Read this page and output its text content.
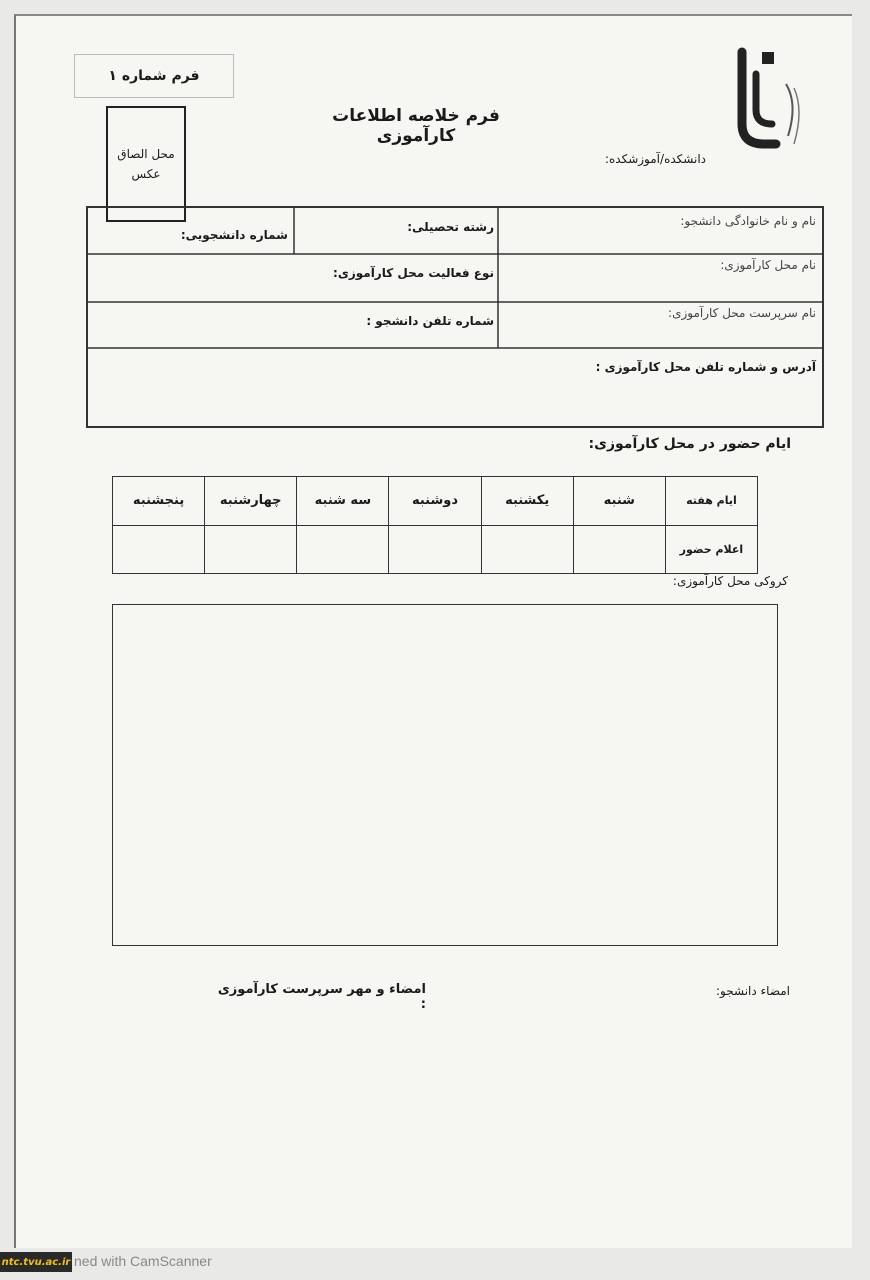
فرم شماره ۱
محل الصاق
عکس
فرم خلاصه اطلاعات کارآموزی
دانشکده/آموزشکده:
نام و نام خانوادگی دانشجو:
رشته تحصیلی:
شماره دانشجویی:
نام محل کارآموزی:
نوع فعالیت محل کارآموزی:
نام سرپرست محل کارآموزی:
شماره تلفن دانشجو :
آدرس و شماره تلفن محل کارآموزی :
ایام حضور در محل کارآموزی:
ایام هفته	شنبه	یکشنبه	دوشنبه	سه شنبه	چهارشنبه	پنجشنبه
اعلام حضور						
کروکی محل کارآموزی:
امضاء و مهر سرپرست کارآموزی :
امضاء دانشجو:
ntc.tvu.ac.ir ned with CamScanner
